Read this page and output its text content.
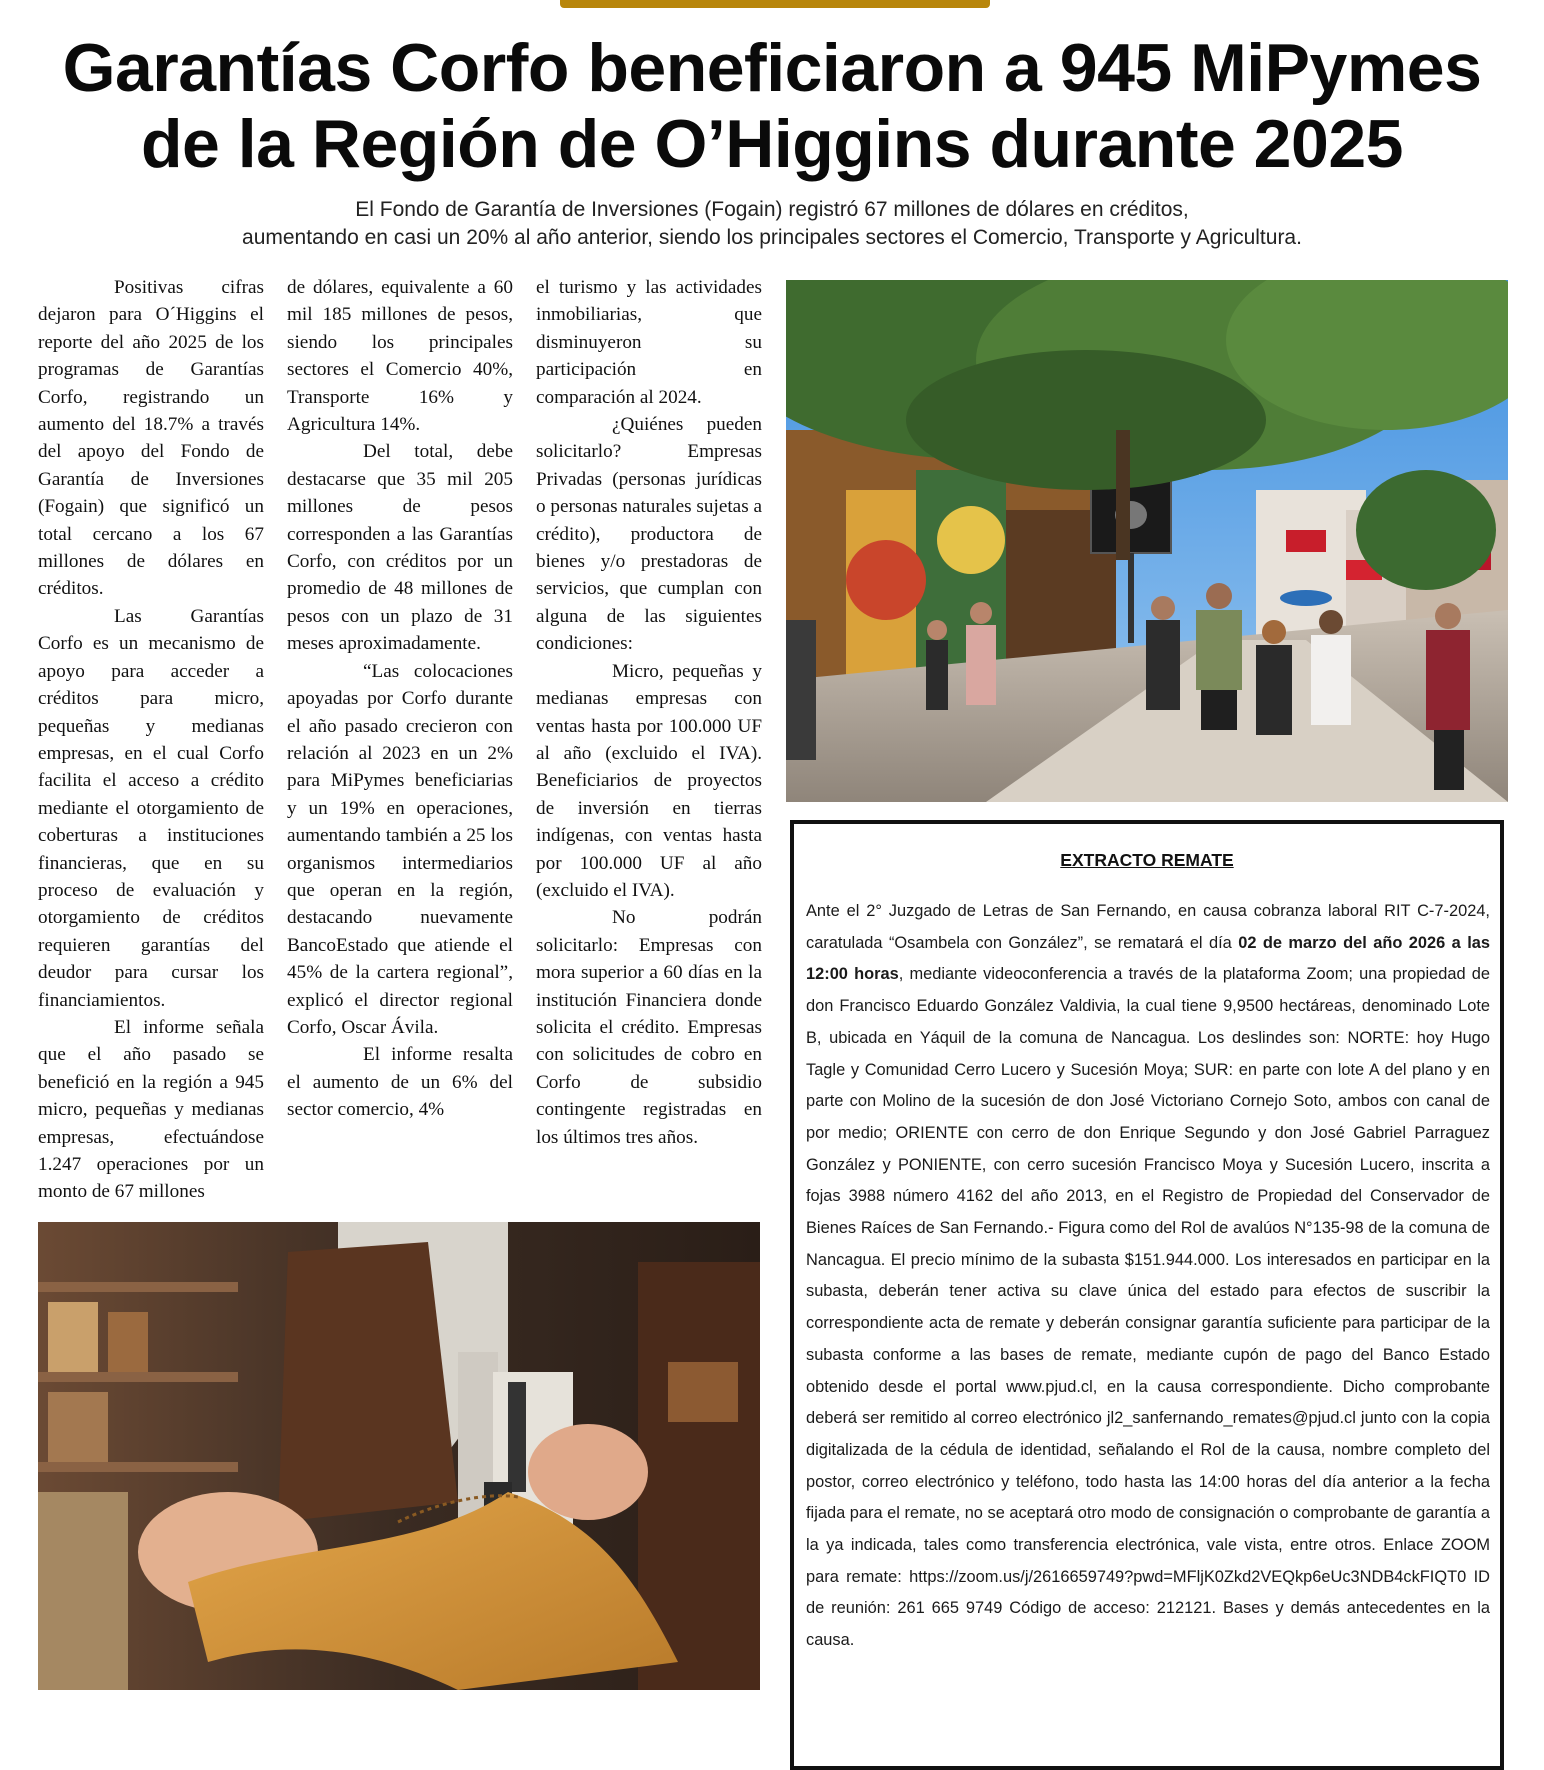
Garantías Corfo beneficiaron a 945 MiPymes
de la Región de O’Higgins durante 2025
El Fondo de Garantía de Inversiones (Fogain) registró 67 millones de dólares en créditos,
aumentando en casi un 20% al año anterior, siendo los principales sectores el Comercio, Transporte y Agricultura.

Positivas cifras dejaron para O´Higgins el reporte del año 2025 de los programas de Garantías Corfo, registrando un aumento del 18.7% a través del apoyo del Fondo de Garantía de Inversiones (Fogain) que significó un total cercano a los 67 millones de dólares en créditos.

Las Garantías Corfo es un mecanismo de apoyo para acceder a créditos para micro, pequeñas y medianas empresas, en el cual Corfo facilita el acceso a crédito mediante el otorgamiento de coberturas a instituciones financieras, que en su proceso de evaluación y otorgamiento de créditos requieren garantías del deudor para cursar los financiamientos.

El informe señala que el año pasado se benefició en la región a 945 micro, pequeñas y medianas empresas, efectuándose 1.247 operaciones por un monto de 67 millones

de dólares, equivalente a 60 mil 185 millones de pesos, siendo los principales sectores el Comercio 40%, Transporte 16% y Agricultura 14%.

Del total, debe destacarse que 35 mil 205 millones de pesos corresponden a las Garantías Corfo, con créditos por un promedio de 48 millones de pesos con un plazo de 31 meses aproximadamente.

“Las colocaciones apoyadas por Corfo durante el año pasado crecieron con relación al 2023 en un 2% para MiPymes beneficiarias y un 19% en operaciones, aumentando también a 25 los organismos intermediarios que operan en la región, destacando nuevamente BancoEstado que atiende el 45% de la cartera regional”, explicó el director regional Corfo, Oscar Ávila.

El informe resalta el aumento de un 6% del sector comercio, 4%

el turismo y las actividades inmobiliarias, que disminuyeron su participación en comparación al 2024.

¿Quiénes pueden solicitarlo? Empresas Privadas (personas jurídicas o personas naturales sujetas a crédito), productora de bienes y/o prestadoras de servicios, que cumplan con alguna de las siguientes condiciones:

Micro, pequeñas y medianas empresas con ventas hasta por 100.000 UF al año (excluido el IVA). Beneficiarios de proyectos de inversión en tierras indígenas, con ventas hasta por 100.000 UF al año (excluido el IVA).

No podrán solicitarlo: Empresas con mora superior a 60 días en la institución Financiera donde solicita el crédito. Empresas con solicitudes de cobro en Corfo de subsidio contingente registradas en los últimos tres años.

EXTRACTO REMATE
Ante el 2° Juzgado de Letras de San Fernando, en causa cobranza laboral RIT C-7-2024, caratulada “Osambela con González”, se rematará el día 02 de marzo del año 2026 a las 12:00 horas, mediante videoconferencia a través de la plataforma Zoom; una propiedad de don Francisco Eduardo González Valdivia, la cual tiene 9,9500 hectáreas, denominado Lote B, ubicada en Yáquil de la comuna de Nancagua. Los deslindes son: NORTE: hoy Hugo Tagle y Comunidad Cerro Lucero y Sucesión Moya; SUR: en parte con lote A del plano y en parte con Molino de la sucesión de don José Victoriano Cornejo Soto, ambos con canal de por medio; ORIENTE con cerro de don Enrique Segundo y don José Gabriel Parraguez González y PONIENTE, con cerro sucesión Francisco Moya y Sucesión Lucero, inscrita a fojas 3988 número 4162 del año 2013, en el Registro de Propiedad del Conservador de Bienes Raíces de San Fernando.- Figura como del Rol de avalúos N°135-98 de la comuna de Nancagua. El precio mínimo de la subasta $151.944.000. Los interesados en participar en la subasta, deberán tener activa su clave única del estado para efectos de suscribir la correspondiente acta de remate y deberán consignar garantía suficiente para participar de la subasta conforme a las bases de remate, mediante cupón de pago del Banco Estado obtenido desde el portal www.pjud.cl, en la causa correspondiente. Dicho comprobante deberá ser remitido al correo electrónico jl2_sanfernando_remates@pjud.cl junto con la copia digitalizada de la cédula de identidad, señalando el Rol de la causa, nombre completo del postor, correo electrónico y teléfono, todo hasta las 14:00 horas del día anterior a la fecha fijada para el remate, no se aceptará otro modo de consignación o comprobante de garantía a la ya indicada, tales como transferencia electrónica, vale vista, entre otros. Enlace ZOOM para remate: https://zoom.us/j/2616659749?pwd=MFljK0Zkd2VEQkp6eUc3NDB4ckFIQT0 ID de reunión: 261 665 9749 Código de acceso: 212121. Bases y demás antecedentes en la causa.
